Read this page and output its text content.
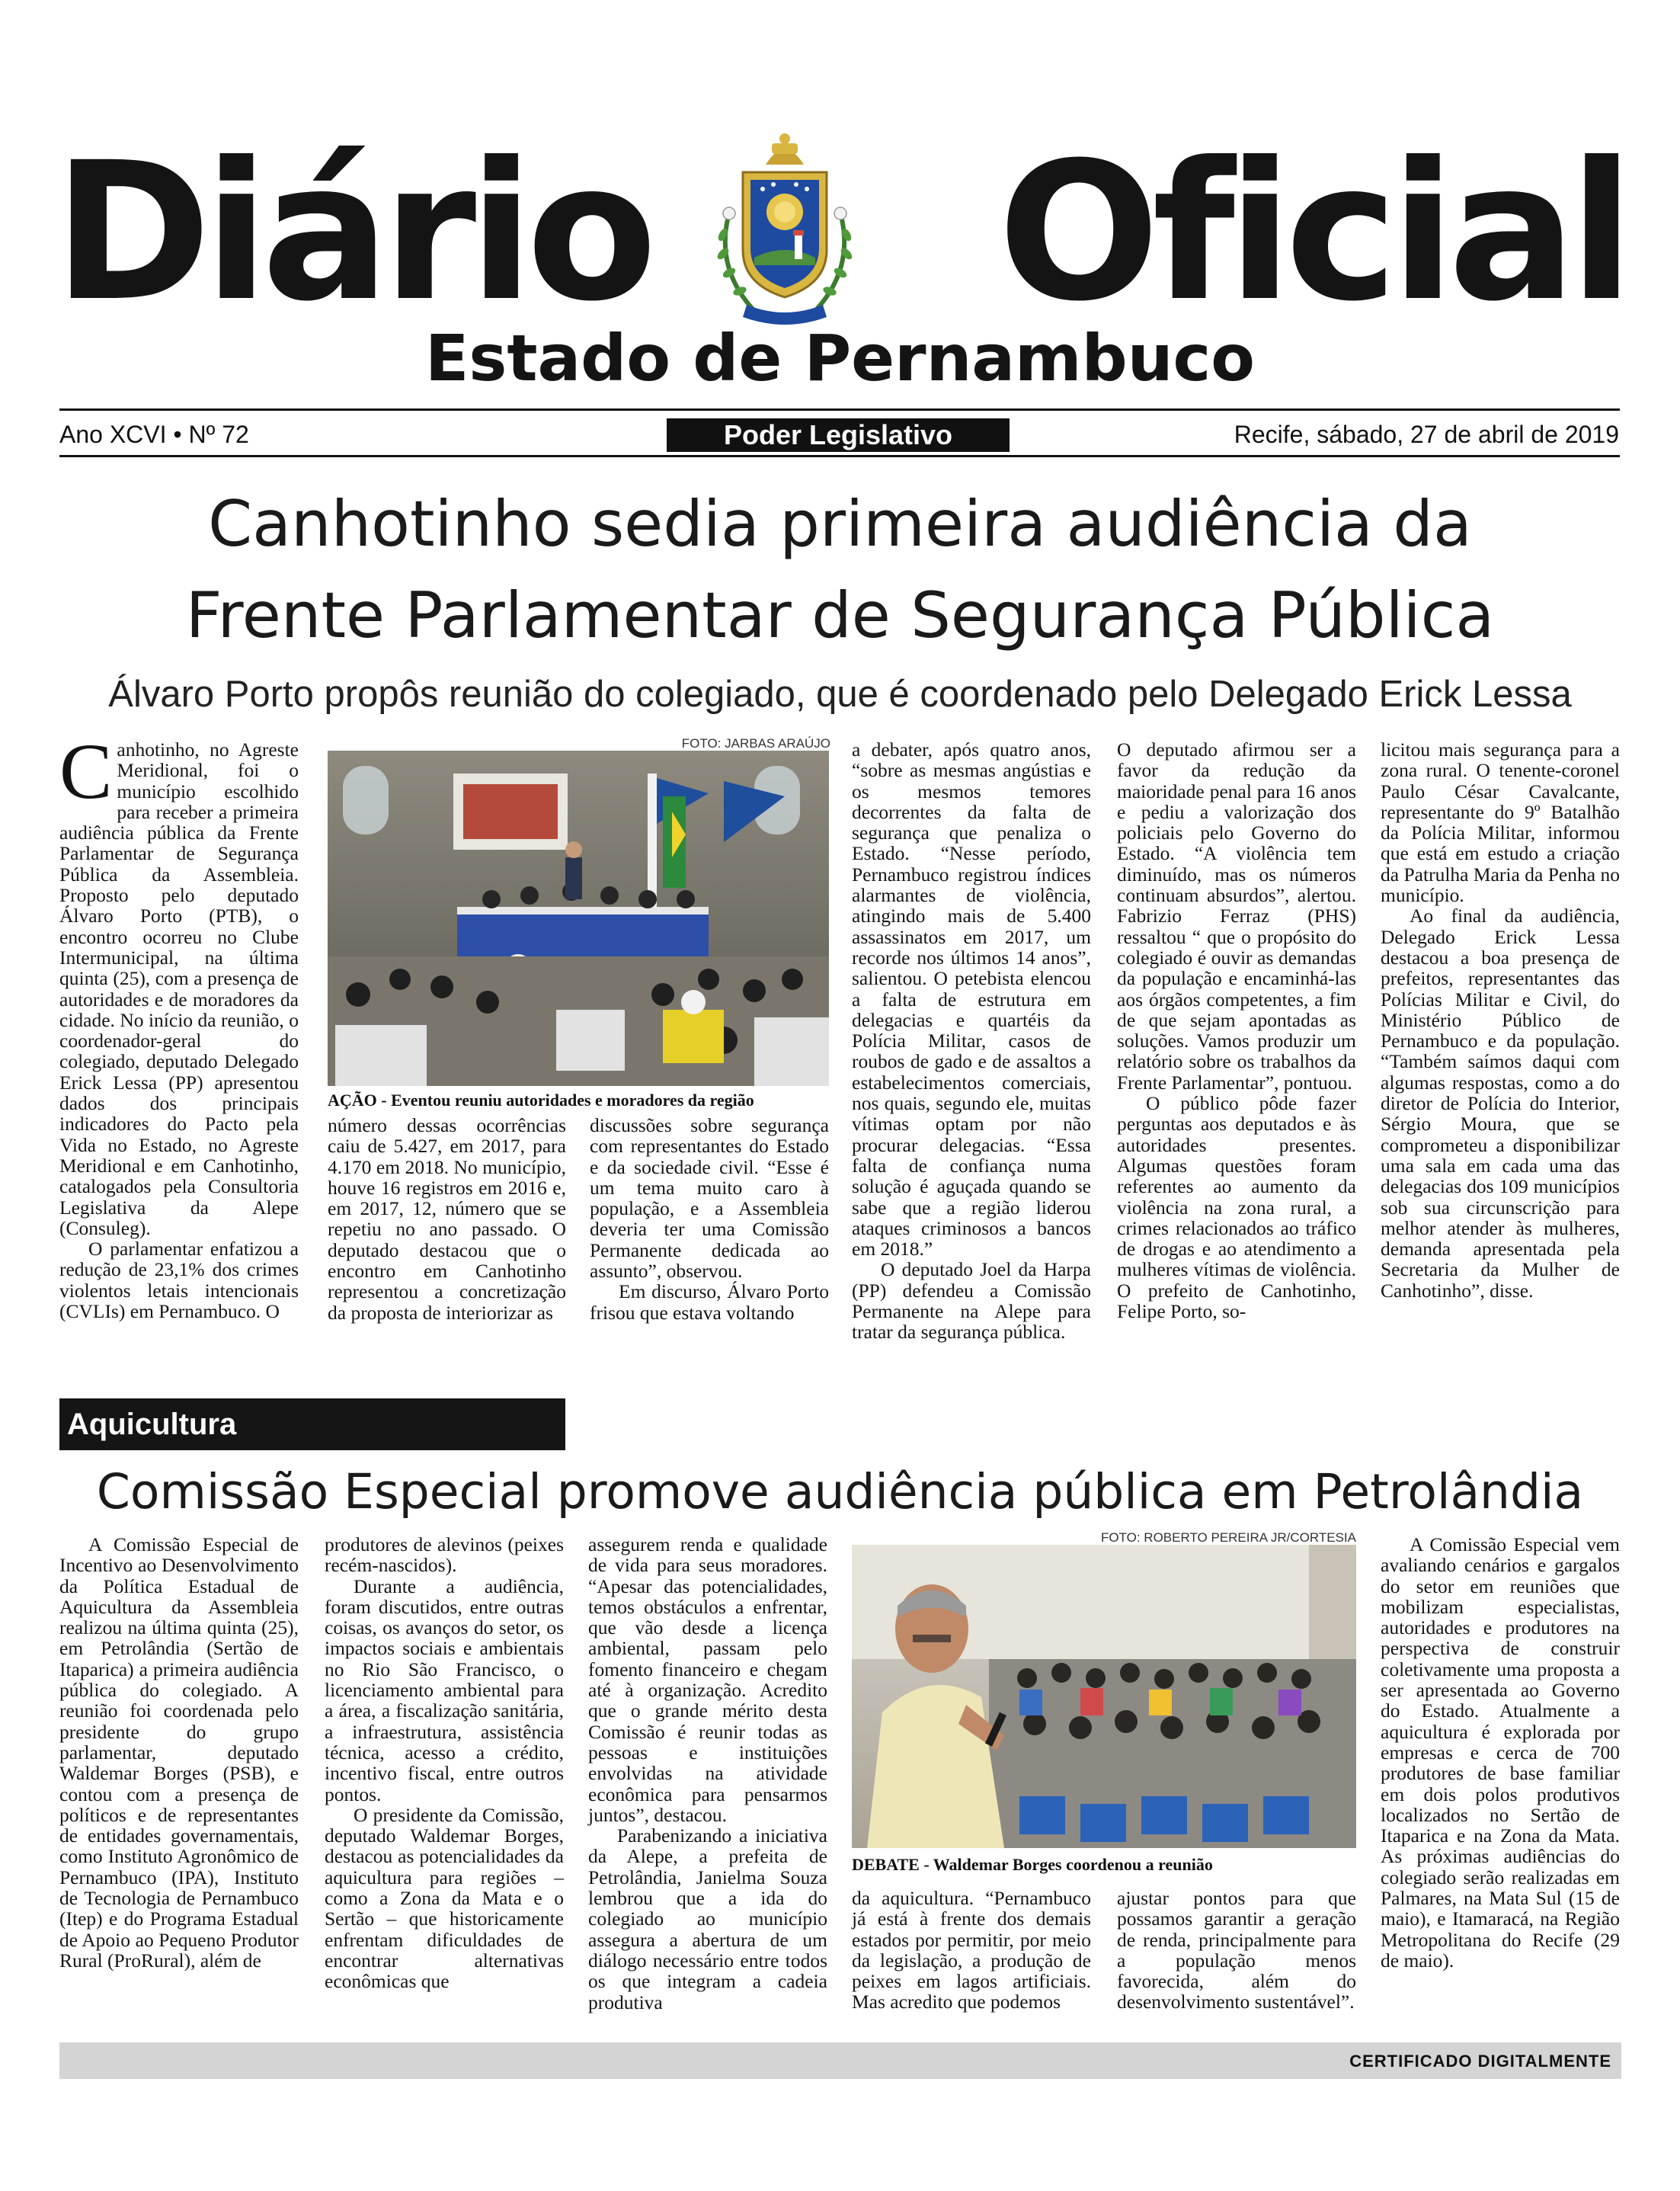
Diário Oficial
Estado de Pernambuco
Ano XCVI • Nº 72	Poder Legislativo	Recife, sábado, 27 de abril de 2019
Canhotinho sedia primeira audiência da
Frente Parlamentar de Segurança Pública
Álvaro Porto propôs reunião do colegiado, que é coordenado pelo Delegado Erick Lessa

Canhotinho, no Agreste Meridional, foi o município escolhido para receber a primeira audiência pública da Frente Parlamentar de Segurança Pública da Assembleia. Proposto pelo deputado Álvaro Porto (PTB), o encontro ocorreu no Clube Intermunicipal, na última quinta (25), com a presença de autoridades e de moradores da cidade. No início da reunião, o coordenador-geral do colegiado, deputado Delegado Erick Lessa (PP) apresentou dados dos principais indicadores do Pacto pela Vida no Estado, no Agreste Meridional e em Canhotinho, catalogados pela Consultoria Legislativa da Alepe (Consuleg).

O parlamentar enfatizou a redução de 23,1% dos crimes violentos letais intencionais (CVLIs) em Pernambuco. O

FOTO: JARBAS ARAÚJO
AÇÃO - Eventou reuniu autoridades e moradores da região

número dessas ocorrências caiu de 5.427, em 2017, para 4.170 em 2018. No município, houve 16 registros em 2016 e, em 2017, 12, número que se repetiu no ano passado. O deputado destacou que o encontro em Canhotinho representou a concretização da proposta de interiorizar as

discussões sobre segurança com representantes do Estado e da sociedade civil. “Esse é um tema muito caro à população, e a Assembleia deveria ter uma Comissão Permanente dedicada ao assunto”, observou.

Em discurso, Álvaro Porto frisou que estava voltando

a debater, após quatro anos, “sobre as mesmas angústias e os mesmos temores decorrentes da falta de segurança que penaliza o Estado. “Nesse período, Pernambuco registrou índices alarmantes de violência, atingindo mais de 5.400 assassinatos em 2017, um recorde nos últimos 14 anos”, salientou. O petebista elencou a falta de estrutura em delegacias e quartéis da Polícia Militar, casos de roubos de gado e de assaltos a estabelecimentos comerciais, nos quais, segundo ele, muitas vítimas optam por não procurar delegacias. “Essa falta de confiança numa solução é aguçada quando se sabe que a região liderou ataques criminosos a bancos em 2018.”

O deputado Joel da Harpa (PP) defendeu a Comissão Permanente na Alepe para tratar da segurança pública.

O deputado afirmou ser a favor da redução da maioridade penal para 16 anos e pediu a valorização dos policiais pelo Governo do Estado. “A violência tem diminuído, mas os números continuam absurdos”, alertou. Fabrizio Ferraz (PHS) ressaltou “ que o propósito do colegiado é ouvir as demandas da população e encaminhá-las aos órgãos competentes, a fim de que sejam apontadas as soluções. Vamos produzir um relatório sobre os trabalhos da Frente Parlamentar”, pontuou.

O público pôde fazer perguntas aos deputados e às autoridades presentes. Algumas questões foram referentes ao aumento da violência na zona rural, a crimes relacionados ao tráfico de drogas e ao atendimento a mulheres vítimas de violência. O prefeito de Canhotinho, Felipe Porto, so-

licitou mais segurança para a zona rural. O tenente-coronel Paulo César Cavalcante, representante do 9º Batalhão da Polícia Militar, informou que está em estudo a criação da Patrulha Maria da Penha no município.

Ao final da audiência, Delegado Erick Lessa destacou a boa presença de prefeitos, representantes das Polícias Militar e Civil, do Ministério Público de Pernambuco e da população. “Também saímos daqui com algumas respostas, como a do diretor de Polícia do Interior, Sérgio Moura, que se comprometeu a disponibilizar uma sala em cada uma das delegacias dos 109 municípios sob sua circunscrição para melhor atender às mulheres, demanda apresentada pela Secretaria da Mulher de Canhotinho”, disse.

Aquicultura
Comissão Especial promove audiência pública em Petrolândia

A Comissão Especial de Incentivo ao Desenvolvimento da Política Estadual de Aquicultura da Assembleia realizou na última quinta (25), em Petrolândia (Sertão de Itaparica) a primeira audiência pública do colegiado. A reunião foi coordenada pelo presidente do grupo parlamentar, deputado Waldemar Borges (PSB), e contou com a presença de políticos e de representantes de entidades governamentais, como Instituto Agronômico de Pernambuco (IPA), Instituto de Tecnologia de Pernambuco (Itep) e do Programa Estadual de Apoio ao Pequeno Produtor Rural (ProRural), além de

produtores de alevinos (peixes recém-nascidos).

Durante a audiência, foram discutidos, entre outras coisas, os avanços do setor, os impactos sociais e ambientais no Rio São Francisco, o licenciamento ambiental para a área, a fiscalização sanitária, a infraestrutura, assistência técnica, acesso a crédito, incentivo fiscal, entre outros pontos.

O presidente da Comissão, deputado Waldemar Borges, destacou as potencialidades da aquicultura para regiões – como a Zona da Mata e o Sertão – que historicamente enfrentam dificuldades de encontrar alternativas econômicas que

assegurem renda e qualidade de vida para seus moradores. “Apesar das potencialidades, temos obstáculos a enfrentar, que vão desde a licença ambiental, passam pelo fomento financeiro e chegam até à organização. Acredito que o grande mérito desta Comissão é reunir todas as pessoas e instituições envolvidas na atividade econômica para pensarmos juntos”, destacou.

Parabenizando a iniciativa da Alepe, a prefeita de Petrolândia, Janielma Souza lembrou que a ida do colegiado ao município assegura a abertura de um diálogo necessário entre todos os que integram a cadeia produtiva

FOTO: ROBERTO PEREIRA JR/CORTESIA
DEBATE - Waldemar Borges coordenou a reunião

da aquicultura. “Pernambuco já está à frente dos demais estados por permitir, por meio da legislação, a produção de peixes em lagos artificiais. Mas acredito que podemos

ajustar pontos para que possamos garantir a geração de renda, principalmente para a população menos favorecida, além do desenvolvimento sustentável”.

A Comissão Especial vem avaliando cenários e gargalos do setor em reuniões que mobilizam especialistas, autoridades e produtores na perspectiva de construir coletivamente uma proposta a ser apresentada ao Governo do Estado. Atualmente a aquicultura é explorada por empresas e cerca de 700 produtores de base familiar em dois polos produtivos localizados no Sertão de Itaparica e na Zona da Mata. As próximas audiências do colegiado serão realizadas em Palmares, na Mata Sul (15 de maio), e Itamaracá, na Região Metropolitana do Recife (29 de maio).

CERTIFICADO DIGITALMENTE
